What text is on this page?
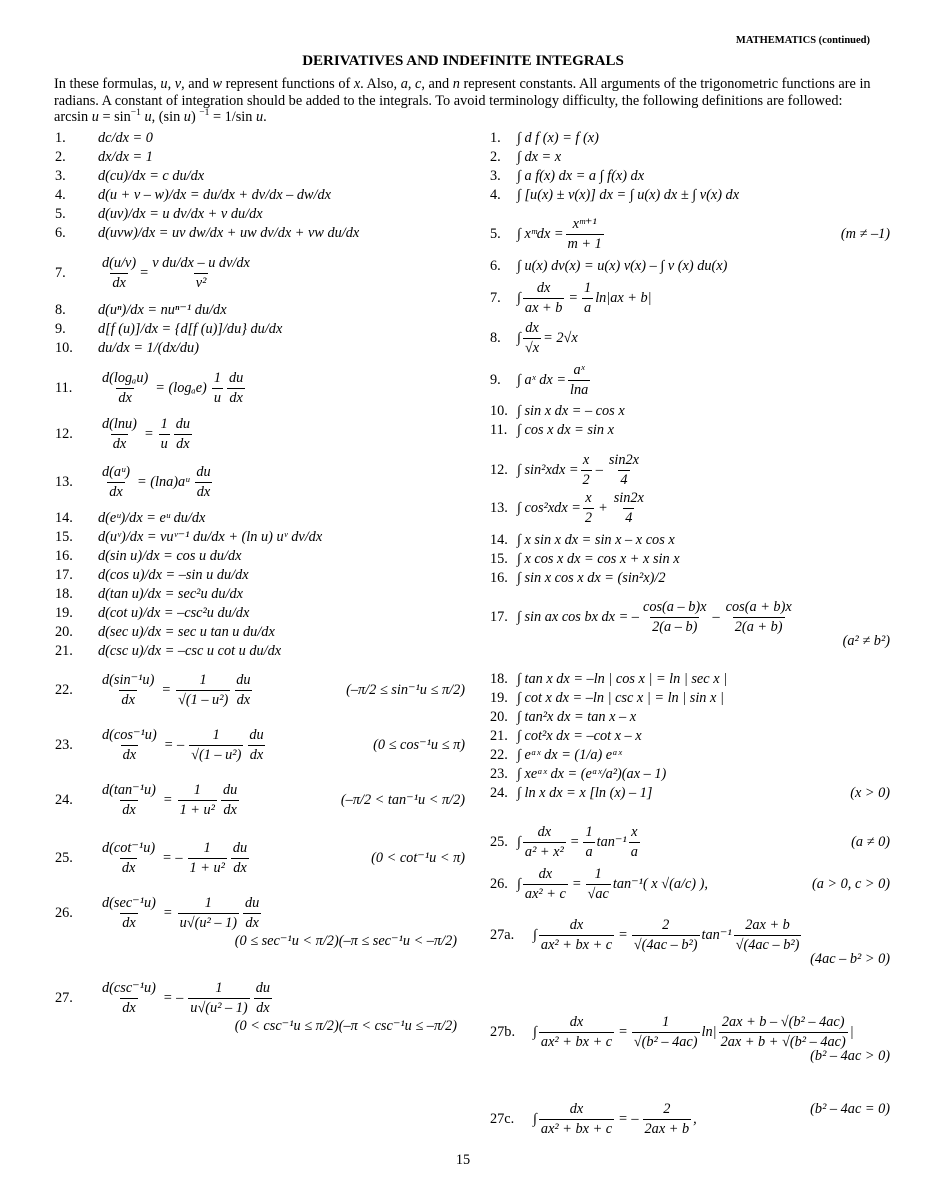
MATHEMATICS (continued)
DERIVATIVES AND INDEFINITE INTEGRALS
In these formulas, u, v, and w represent functions of x. Also, a, c, and n represent constants. All arguments of the trigonometric functions are in radians. A constant of integration should be added to the integrals. To avoid terminology difficulty, the following definitions are followed: $\arcsin u = \sin^{-1} u$, (sin u) $^{-1}$ = 1/sin u.
1.	dc/dx = 0
2.	dx/dx = 1
3.	d(cu)/dx = c du/dx
4.	d(u + v – w)/dx = du/dx + dv/dx – dw/dx
5.	d(uv)/dx = u dv/dx + v du/dx
6.	d(uvw)/dx = uv dw/dx + uw dv/dx + vw du/dx
7.	$\frac{d(u/v)}{dx} = \frac{\text{v du/dx – u dv/dx}}{\text{v²}}$
8.	d(uⁿ)/dx = nuⁿ⁻¹ du/dx
9.	d[f (u)]/dx = {d[f (u)]/du} du/dx
10.	du/dx = 1/(dx/du)
11.	$\frac{\text{d(logₐu)}}{dx} = (\log_ae) \frac{1}{u} \frac{du}{dx}$
12.	$\frac{d(\ln u)}{dx} = \frac{1}{u} \frac{du}{dx}$
13.	$\frac{\text{d(aᵘ)}}{dx}$ = (lna)aᵘ $\frac{du}{dx}$
14.	d(eᵘ)/dx = eᵘ du/dx
15.	d(uᵛ)/dx = vuᵛ⁻¹ du/dx + (ln u) uᵛ dv/dx
16.	d(sin u)/dx = cos u du/dx
17.	d(cos u)/dx = –sin u du/dx
18.	d(tan u)/dx = sec²u du/dx
19.	d(cot u)/dx = –csc²u du/dx
20.	d(sec u)/dx = sec u tan u du/dx
21.	d(csc u)/dx = –csc u cot u du/dx
22.	$\frac{\text{d(sin⁻¹u)}}{dx} = \frac{1}{\text{√(1 – u²)}} \frac{du}{dx}$	(–π/2 ≤ sin⁻¹u ≤ π/2)
23.	$\frac{\text{d(cos⁻¹u)}}{dx}$ = – $\frac{1}{\text{√(1 – u²)}} \frac{du}{dx}$	(0 ≤ cos⁻¹u ≤ π)
24.	$\frac{\text{d(tan⁻¹u)}}{dx} = \frac{1}{\text{1 + u²}} \frac{du}{dx}$	(–π/2 < tan⁻¹u < π/2)
25.	$\frac{\text{d(cot⁻¹u)}}{dx}$ = – $\frac{1}{\text{1 + u²}} \frac{du}{dx}$	(0 < cot⁻¹u < π)
26.	$\frac{\text{d(sec⁻¹u)}}{dx} = \frac{1}{\text{u√(u² – 1)}} \frac{du}{dx}$
(0 ≤ sec⁻¹u < π/2)(–π ≤ sec⁻¹u < –π/2)
27.	$\frac{\text{d(csc⁻¹u)}}{dx}$ = – $\frac{1}{\text{u√(u² – 1)}} \frac{du}{dx}$
(0 < csc⁻¹u ≤ π/2)(–π < csc⁻¹u ≤ –π/2)
1.	∫ d f (x) = f (x)
2.	∫ dx = x
3.	∫ a f(x) dx = a ∫ f(x) dx
4.	∫ [u(x) ± v(x)] dx = ∫ u(x) dx ± ∫ v(x) dx
5.	∫ xᵐdx = $\frac{\text{xᵐ⁺¹}}{m + 1}$	(m ≠ –1)
6.	∫ u(x) dv(x) = u(x) v(x) – ∫ v (x) du(x)
7.	∫ $\frac{dx}{ax + b} = \frac{1}{a} \ln|ax + b|$
8.	∫ $\frac{dx}{√x} = 2√x$
9.	∫ aˣ dx = $\frac{\text{aˣ}}{\ln a}$
10. ∫ sin x dx = – cos x
11. ∫ cos x dx = sin x
12. ∫ $\sin^2xdx = \frac{x}{2} - \frac{\sin 2x}{4}$
13. ∫ $\cos^2xdx = \frac{x}{2} + \frac{\sin 2x}{4}$
14. ∫ x sin x dx = sin x – x cos x
15. ∫ x cos x dx = cos x + x sin x
16. ∫ sin x cos x dx = (sin²x)/2
17. ∫ sin ax cos bx dx = – $\frac{\cos(a - b)x}{2(a - b)} - \frac{\cos(a + b)x}{2(a + b)}$
(a² ≠ b²)
18. ∫ tan x dx = –ln | cos x | = ln | sec x |
19. ∫ cot x dx = –ln | csc x | = ln | sin x |
20. ∫ tan²x dx = tan x – x
21. ∫ cot²x dx = –cot x – x
22. ∫ eᵃˣ dx = (1/a) eᵃˣ
23. ∫ xeᵃˣ dx = (eᵃˣ/a²)(ax – 1)
24. ∫ ln x dx = x [ln (x) – 1]	(x > 0)
25. ∫ $\frac{dx}{\text{a² + x²}} = \frac{1}{a} \tan^{-1} \frac{x}{a}$	(a ≠ 0)
26. ∫ $\frac{dx}{\text{ax² + c}} = \frac{1}{√ac} \tan^{-1}$( x √(a/c) ),	(a > 0, c > 0)
27a.	∫ $\frac{dx}{\text{ax² + bx + c}} = \frac{2}{\text{√(4ac – b²)}} \tan^{-1} \frac{2ax + b}{\text{√(4ac – b²)}}$
(4ac – b² > 0)
27b.	∫ $\frac{dx}{\text{ax² + bx + c}} = \frac{1}{\text{√(b² – 4ac)}} \ln| \frac{\text{2ax + b – √(b² – 4ac)}}{\text{2ax + b + √(b² – 4ac)}}$ |
(b² – 4ac > 0)
27c.	∫ $\frac{dx}{\text{ax² + bx + c}}$ = – $\frac{2}{2ax + b}$ ,
(b² – 4ac = 0)
15
